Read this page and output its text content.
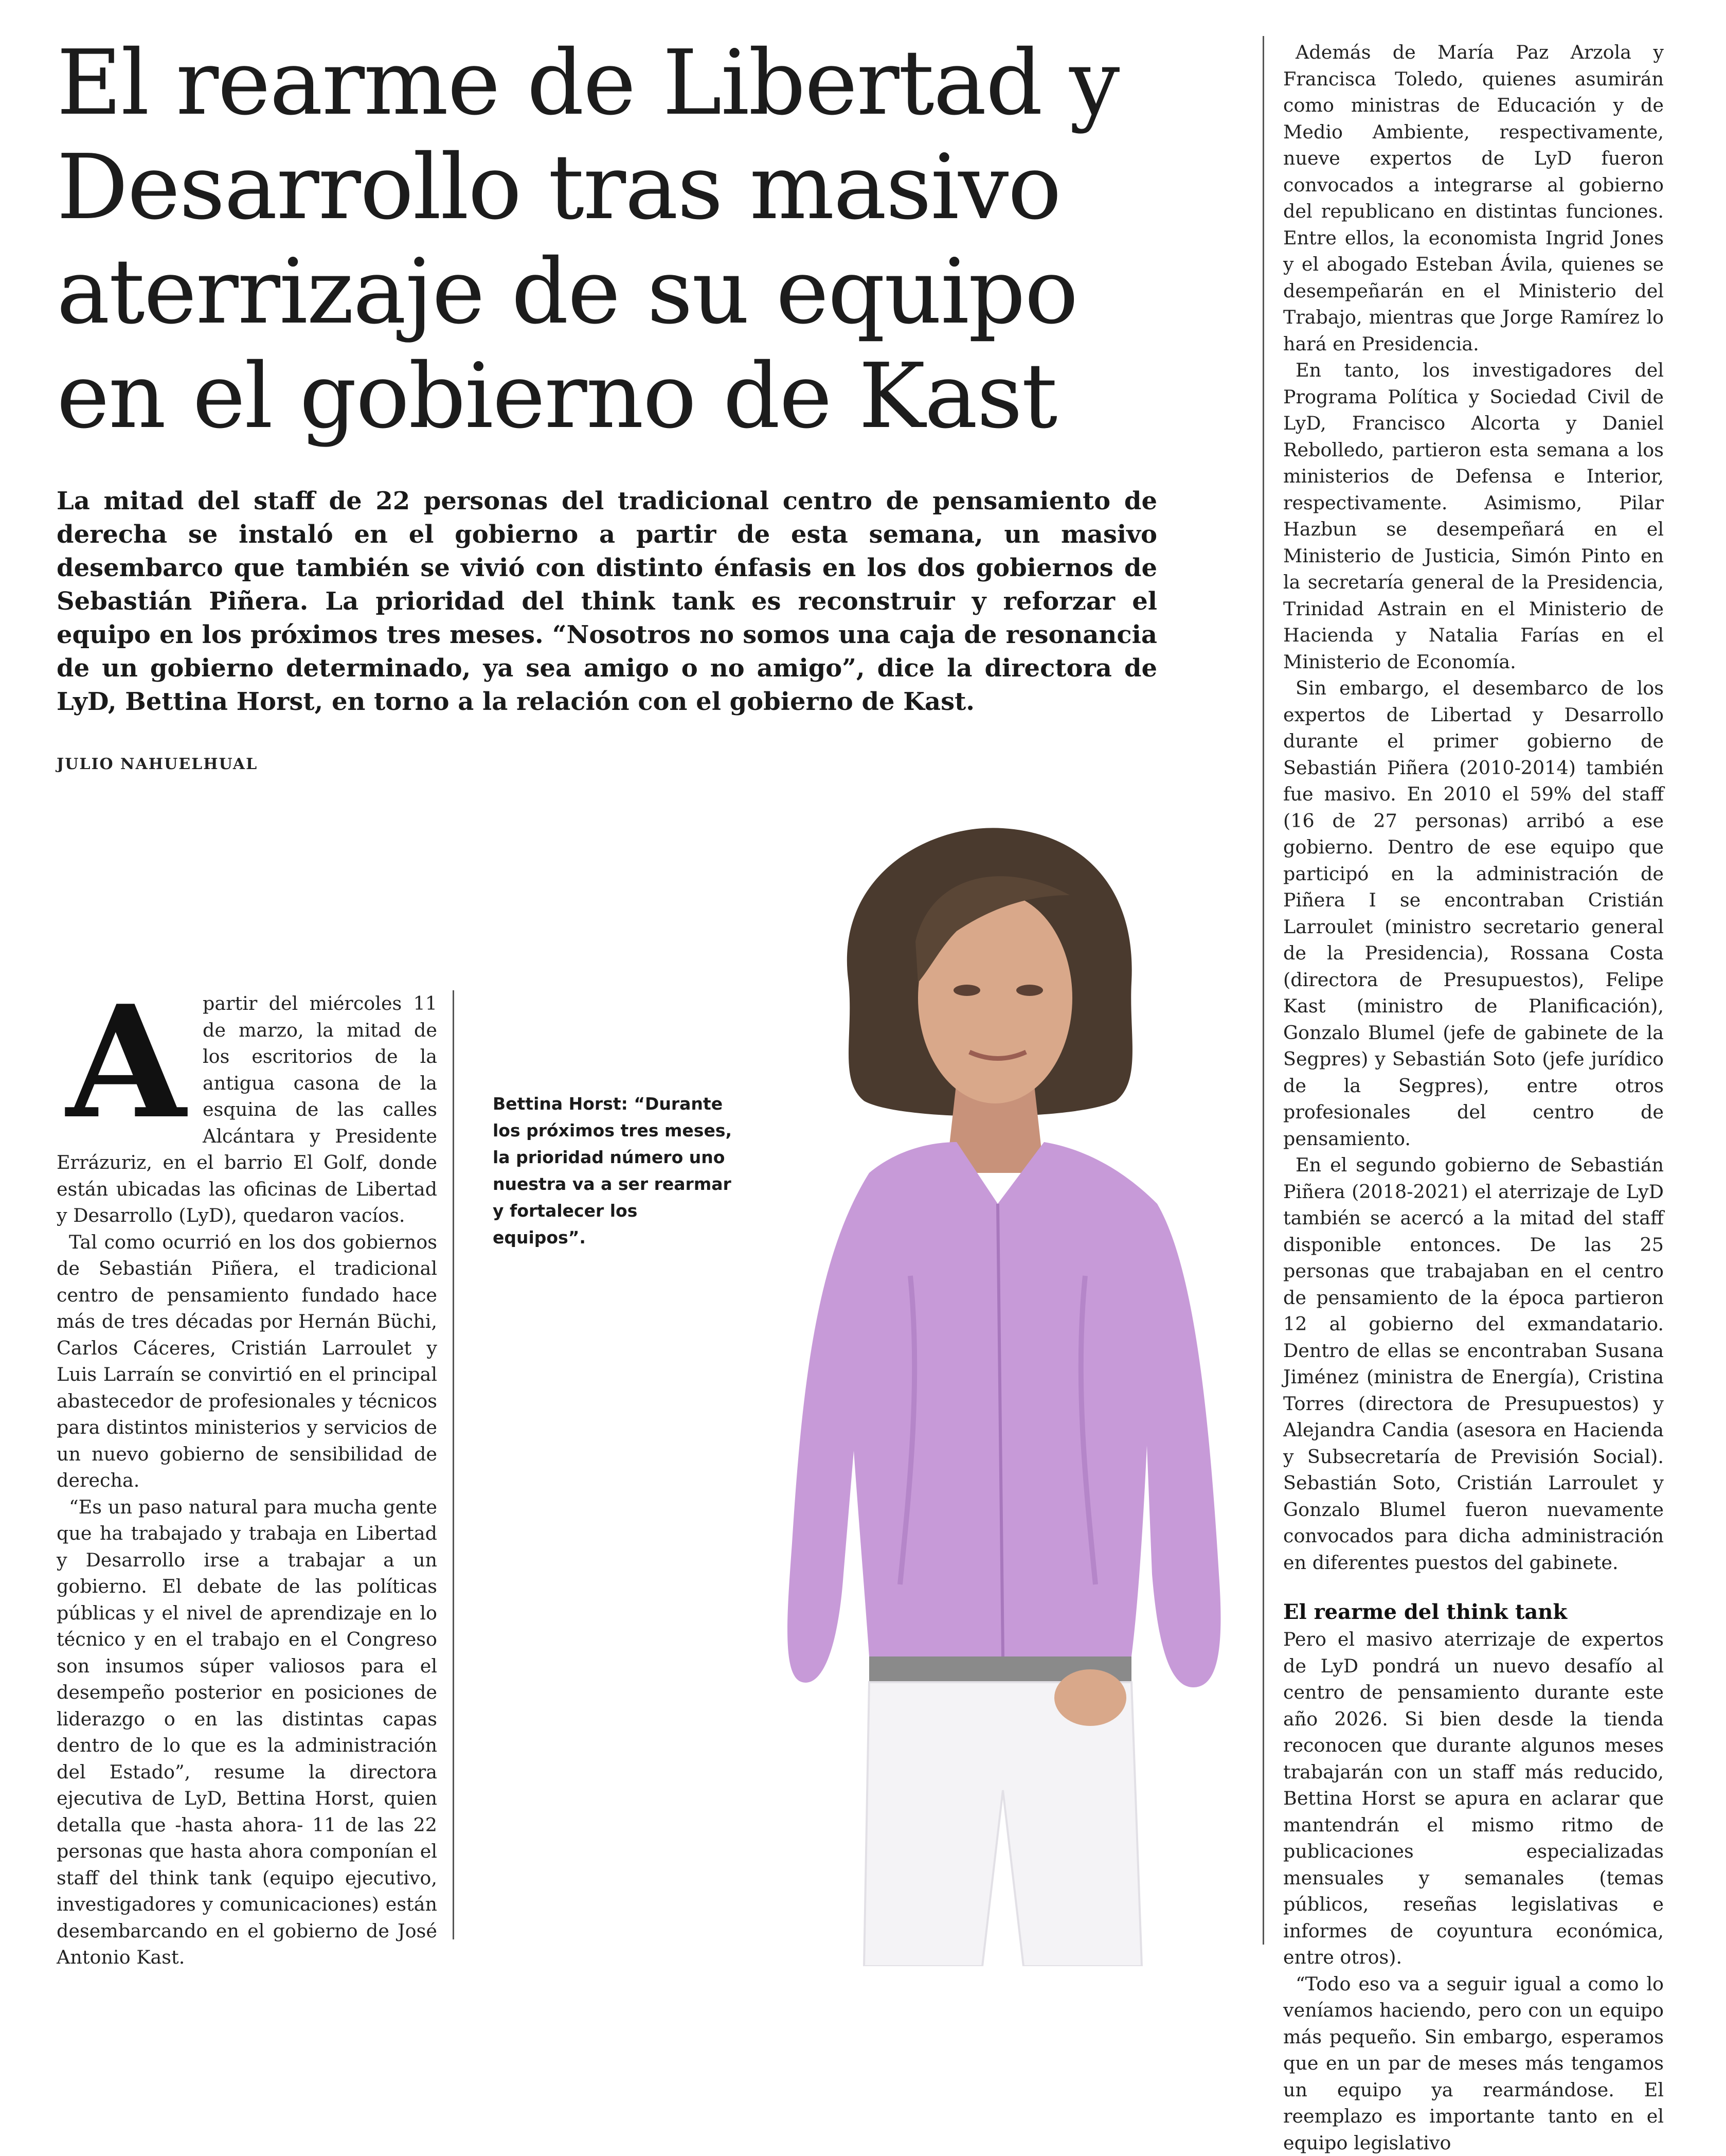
El rearme de Libertad y
Desarrollo tras masivo
aterrizaje de su equipo
en el gobierno de Kast

La mitad del staff de 22 personas del tradicional centro de pensamiento de derecha se instaló en el gobierno a partir de esta semana, un masivo desembarco que también se vivió con distinto énfasis en los dos gobiernos de Sebastián Piñera. La prioridad del think tank es reconstruir y reforzar el equipo en los próximos tres meses. “Nosotros no somos una caja de resonancia de un gobierno determinado, ya sea amigo o no amigo”, dice la directora de LyD, Bettina Horst, en torno a la relación con el gobierno de Kast.

JULIO NAHUELHUAL
A partir del miércoles 11 de marzo, la mitad de los escritorios de la antigua casona de la esquina de las calles Alcántara y Presidente Errázuriz, en el barrio El Golf, donde están ubicadas las oficinas de Libertad y Desarrollo (LyD), quedaron vacíos.

Tal como ocurrió en los dos gobiernos de Sebastián Piñera, el tradicional centro de pensamiento fundado hace más de tres décadas por Hernán Büchi, Carlos Cáceres, Cristián Larroulet y Luis Larraín se convirtió en el principal abastecedor de profesionales y técnicos para distintos ministerios y servicios de un nuevo gobierno de sensibilidad de derecha.

“Es un paso natural para mucha gente que ha trabajado y trabaja en Libertad y Desarrollo irse a trabajar a un gobierno. El debate de las políticas públicas y el nivel de aprendizaje en lo técnico y en el trabajo en el Congreso son insumos súper valiosos para el desempeño posterior en posiciones de liderazgo o en las distintas capas dentro de lo que es la administración del Estado”, resume la directora ejecutiva de LyD, Bettina Horst, quien detalla que -hasta ahora- 11 de las 22 personas que hasta ahora componían el staff del think tank (equipo ejecutivo, investigadores y comunicaciones) están desembarcando en el gobierno de José Antonio Kast.

Bettina Horst: “Durante los próximos tres meses, la prioridad número uno nuestra va a ser rearmar y fortalecer los equipos”.

Además de María Paz Arzola y Francisca Toledo, quienes asumirán como ministras de Educación y de Medio Ambiente, respectivamente, nueve expertos de LyD fueron convocados a integrarse al gobierno del republicano en distintas funciones. Entre ellos, la economista Ingrid Jones y el abogado Esteban Ávila, quienes se desempeñarán en el Ministerio del Trabajo, mientras que Jorge Ramírez lo hará en Presidencia.

En tanto, los investigadores del Programa Política y Sociedad Civil de LyD, Francisco Alcorta y Daniel Rebolledo, partieron esta semana a los ministerios de Defensa e Interior, respectivamente. Asimismo, Pilar Hazbun se desempeñará en el Ministerio de Justicia, Simón Pinto en la secretaría general de la Presidencia, Trinidad Astrain en el Ministerio de Hacienda y Natalia Farías en el Ministerio de Economía.

Sin embargo, el desembarco de los expertos de Libertad y Desarrollo durante el primer gobierno de Sebastián Piñera (2010-2014) también fue masivo. En 2010 el 59% del staff (16 de 27 personas) arribó a ese gobierno. Dentro de ese equipo que participó en la administración de Piñera I se encontraban Cristián Larroulet (ministro secretario general de la Presidencia), Rossana Costa (directora de Presupuestos), Felipe Kast (ministro de Planificación), Gonzalo Blumel (jefe de gabinete de la Segpres) y Sebastián Soto (jefe jurídico de la Segpres), entre otros profesionales del centro de pensamiento.

En el segundo gobierno de Sebastián Piñera (2018-2021) el aterrizaje de LyD también se acercó a la mitad del staff disponible entonces. De las 25 personas que trabajaban en el centro de pensamiento de la época partieron 12 al gobierno del exmandatario. Dentro de ellas se encontraban Susana Jiménez (ministra de Energía), Cristina Torres (directora de Presupuestos) y Alejandra Candia (asesora en Hacienda y Subsecretaría de Previsión Social). Sebastián Soto, Cristián Larroulet y Gonzalo Blumel fueron nuevamente convocados para dicha administración en diferentes puestos del gabinete.

El rearme del think tank

Pero el masivo aterrizaje de expertos de LyD pondrá un nuevo desafío al centro de pensamiento durante este año 2026. Si bien desde la tienda reconocen que durante algunos meses trabajarán con un staff más reducido, Bettina Horst se apura en aclarar que mantendrán el mismo ritmo de publicaciones especializadas mensuales y semanales (temas públicos, reseñas legislativas e informes de coyuntura económica, entre otros).

“Todo eso va a seguir igual a como lo veníamos haciendo, pero con un equipo más pequeño. Sin embargo, esperamos que en un par de meses más tengamos un equipo ya rearmándose. El reemplazo es importante tanto en el equipo legislativo
